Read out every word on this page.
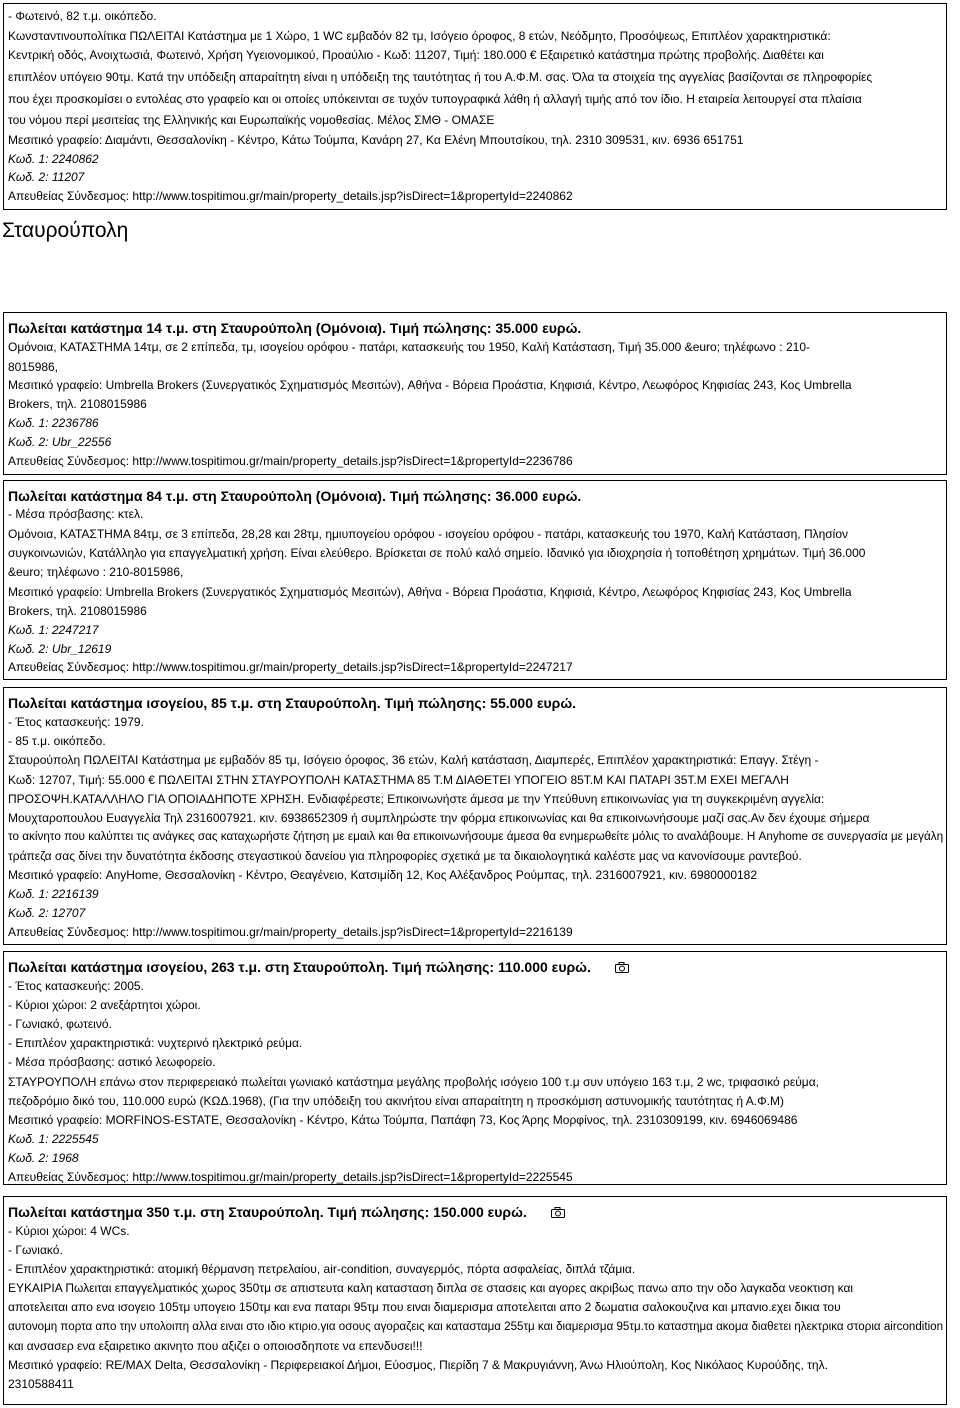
- Φωτεινό, 82 τ.μ. οικόπεδο.
Κωνσταντινουπολίτικα ΠΩΛΕΙΤΑΙ Κατάστημα με 1 Χώρο, 1 WC εμβαδόν 82 τμ, Ισόγειο όροφος, 8 ετών, Νεόδμητο, Προσόψεως, Επιπλέον χαρακτηριστικά:
Κεντρική οδός, Ανοιχτωσιά, Φωτεινό, Χρήση Υγειονομικού, Προαύλιο - Κωδ: 11207, Τιμή: 180.000 € Εξαιρετικό κατάστημα πρώτης προβολής. Διαθέτει και
επιπλέον υπόγειο 90τμ. Κατά την υπόδειξη απαραίτητη είναι η υπόδειξη της ταυτότητας ή του Α.Φ.Μ. σας. Όλα τα στοιχεία της αγγελίας βασίζονται σε πληροφορίες
που έχει προσκομίσει ο εντολέας στο γραφείο και οι οποίες υπόκεινται σε τυχόν τυπογραφικά λάθη ή αλλαγή τιμής από τον ίδιο. Η εταιρεία λειτουργεί στα πλαίσια
του νόμου περί μεσιτείας της Ελληνικής και Ευρωπαϊκής νομοθεσίας. Μέλος ΣΜΘ - ΟΜΑΣΕ
Μεσιτικό γραφείο: Διαμάντι, Θεσσαλονίκη - Κέντρο, Κάτω Τούμπα, Κανάρη 27, Κα Ελένη Μπουτσίκου, τηλ. 2310 309531, κιν. 6936 651751
Κωδ. 1: 2240862
Κωδ. 2: 11207
Απευθείας Σύνδεσμος: http://www.tospitimou.gr/main/property_details.jsp?isDirect=1&propertyId=2240862
Σταυρούπολη
Πωλείται κατάστημα 14 τ.μ. στη Σταυρούπολη (Ομόνοια). Τιμή πώλησης: 35.000 ευρώ.
Ομόνοια, ΚΑΤΑΣΤΗΜΑ 14τμ, σε 2 επίπεδα, τμ, ισογείου ορόφου - πατάρι, κατασκευής του 1950, Καλή Κατάσταση, Τιμή 35.000 &euro; τηλέφωνο : 210-
8015986,
Μεσιτικό γραφείο: Umbrella Brokers (Συνεργατικός Σχηματισμός Μεσιτών), Αθήνα - Βόρεια Προάστια, Κηφισιά, Κέντρο, Λεωφόρος Κηφισίας 243, Κος Umbrella
Brokers, τηλ. 2108015986
Κωδ. 1: 2236786
Κωδ. 2: Ubr_22556
Απευθείας Σύνδεσμος: http://www.tospitimou.gr/main/property_details.jsp?isDirect=1&propertyId=2236786
Πωλείται κατάστημα 84 τ.μ. στη Σταυρούπολη (Ομόνοια). Τιμή πώλησης: 36.000 ευρώ.
- Μέσα πρόσβασης: κτελ.
Ομόνοια, ΚΑΤΑΣΤΗΜΑ 84τμ, σε 3 επίπεδα, 28,28 και 28τμ, ημιυπογείου ορόφου - ισογείου ορόφου - πατάρι, κατασκευής του 1970, Καλή Κατάσταση, Πλησίον
συγκοινωνιών, Κατάλληλο για επαγγελματική χρήση. Είναι ελεύθερο. Βρίσκεται σε πολύ καλό σημείο. Ιδανικό για ιδιοχρησία ή τοποθέτηση χρημάτων. Τιμή 36.000
&euro; τηλέφωνο : 210-8015986,
Μεσιτικό γραφείο: Umbrella Brokers (Συνεργατικός Σχηματισμός Μεσιτών), Αθήνα - Βόρεια Προάστια, Κηφισιά, Κέντρο, Λεωφόρος Κηφισίας 243, Κος Umbrella
Brokers, τηλ. 2108015986
Κωδ. 1: 2247217
Κωδ. 2: Ubr_12619
Απευθείας Σύνδεσμος: http://www.tospitimou.gr/main/property_details.jsp?isDirect=1&propertyId=2247217
Πωλείται κατάστημα ισογείου, 85 τ.μ. στη Σταυρούπολη. Τιμή πώλησης: 55.000 ευρώ.
- Έτος κατασκευής: 1979.
- 85 τ.μ. οικόπεδο.
Σταυρούπολη ΠΩΛΕΙΤΑΙ Κατάστημα με εμβαδόν 85 τμ, Ισόγειο όροφος, 36 ετών, Καλή κατάσταση, Διαμπερές, Επιπλέον χαρακτηριστικά: Επαγγ. Στέγη -
Κωδ: 12707, Τιμή: 55.000 € ΠΩΛΕΙΤΑΙ ΣΤΗΝ ΣΤΑΥΡΟΥΠΟΛΗ ΚΑΤΑΣΤΗΜΑ 85 Τ.Μ ΔΙΑΘΕΤΕΙ ΥΠΟΓΕΙΟ 85Τ.Μ ΚΑΙ ΠΑΤΑΡΙ 35Τ.Μ ΕΧΕΙ ΜΕΓΑΛΗ
ΠΡΟΣΟΨΗ.ΚΑΤΑΛΛΗΛΟ ΓΙΑ ΟΠΟΙΑΔΗΠΟΤΕ ΧΡΗΣΗ. Ενδιαφέρεστε; Επικοινωνήστε άμεσα με την Υπεύθυνη επικοινωνίας για τη συγκεκριμένη αγγελία:
Μουχταροπουλου Ευαγγελία Τηλ 2316007921. κιν. 6938652309 ή συμπληρώστε την φόρμα επικοινωνίας και θα επικοινωνήσουμε μαζί σας.Αν δεν έχουμε σήμερα
το ακίνητο που καλύπτει τις ανάγκες σας καταχωρήστε ζήτηση με εμαιλ και θα επικοινωνήσουμε άμεσα θα ενημερωθείτε μόλις το αναλάβουμε. Η Anyhome σε συνεργασία με μεγάλη
τράπεζα σας δίνει την δυνατότητα έκδοσης στεγαστικού δανείου για πληροφορίες σχετικά με τα δικαιολογητικά καλέστε μας να κανονίσουμε ραντεβού.
Μεσιτικό γραφείο: AnyHome, Θεσσαλονίκη - Κέντρο, Θεαγένειο, Κατσιμίδη 12, Κος Αλέξανδρος Ρούμπας, τηλ. 2316007921, κιν. 6980000182
Κωδ. 1: 2216139
Κωδ. 2: 12707
Απευθείας Σύνδεσμος: http://www.tospitimou.gr/main/property_details.jsp?isDirect=1&propertyId=2216139
Πωλείται κατάστημα ισογείου, 263 τ.μ. στη Σταυρούπολη. Τιμή πώλησης: 110.000 ευρώ.
- Έτος κατασκευής: 2005.
- Κύριοι χώροι: 2 ανεξάρτητοι χώροι.
- Γωνιακό, φωτεινό.
- Επιπλέον χαρακτηριστικά: νυχτερινό ηλεκτρικό ρεύμα.
- Μέσα πρόσβασης: αστικό λεωφορείο.
ΣΤΑΥΡΟΥΠΟΛΗ επάνω στον περιφερειακό πωλείται γωνιακό κατάστημα μεγάλης προβολής ισόγειο 100 τ.μ συν υπόγειο 163 τ.μ, 2 wc, τριφασικό ρεύμα,
πεζοδρόμιο δικό του, 110.000 ευρώ (ΚΩΔ.1968), (Για την υπόδειξη του ακινήτου είναι απαραίτητη η προσκόμιση αστυνομικής ταυτότητας ή Α.Φ.Μ)
Μεσιτικό γραφείο: MORFINOS-ESTATE, Θεσσαλονίκη - Κέντρο, Κάτω Τούμπα, Παπάφη 73, Κος Άρης Μορφίνος, τηλ. 2310309199, κιν. 6946069486
Κωδ. 1: 2225545
Κωδ. 2: 1968
Απευθείας Σύνδεσμος: http://www.tospitimou.gr/main/property_details.jsp?isDirect=1&propertyId=2225545
Πωλείται κατάστημα 350 τ.μ. στη Σταυρούπολη. Τιμή πώλησης: 150.000 ευρώ.
- Κύριοι χώροι: 4 WCs.
- Γωνιακό.
- Επιπλέον χαρακτηριστικά: ατομική θέρμανση πετρελαίου, air-condition, συναγερμός, πόρτα ασφαλείας, διπλά τζάμια.
ΕΥΚΑΙΡΙΑ Πωλειται επαγγελματικός χωρος 350τμ σε απιστευτα καλη κατασταση διπλα σε στασεις και αγορες ακριβως πανω απο την οδο λαγκαδα νεοκτιση και
αποτελειται απο ενα ισογειο 105τμ υπογειο 150τμ και ενα παταρι 95τμ που ειναι διαμερισμα αποτελειται απο 2 δωματια σαλοκουζινα και μπανιο.εχει δικια του
αυτονομη πορτα απο την υπολοιπη αλλα ειναι στο ιδιο κτιριο.για οσους αγοραζεις και κατασταμα 255τμ και διαμερισμα 95τμ.το καταστημα ακομα διαθετει ηλεκτρικα στορια aircondition
και ανσασερ ενα εξαιρετικο ακινητο που αξιζει ο οποιοσδηποτε να επενδυσει!!!
Μεσιτικό γραφείο: RE/MAX Delta, Θεσσαλονίκη - Περιφερειακοί Δήμοι, Εύοσμος, Πιερίδη 7 & Μακρυγιάννη, Άνω Ηλιούπολη, Κος Νικόλαος Κυρούδης, τηλ.
2310588411
